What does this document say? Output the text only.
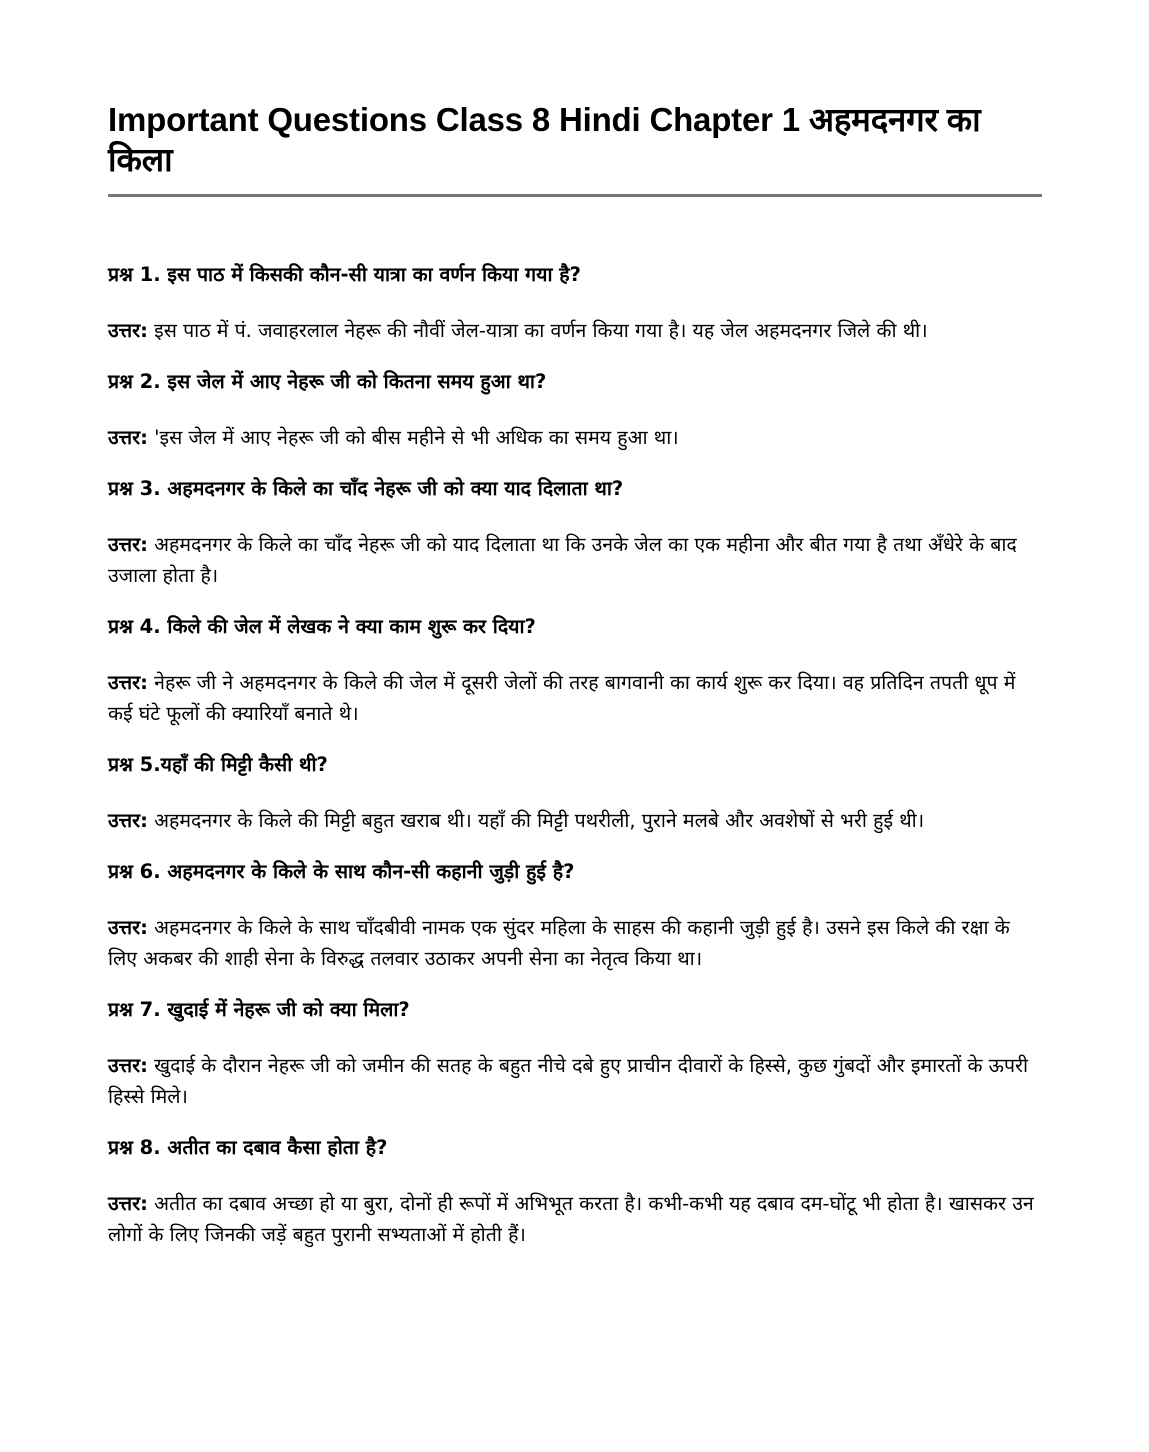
Important Questions Class 8 Hindi Chapter 1 अहमदनगर का किला

प्रश्न 1. इस पाठ में किसकी कौन-सी यात्रा का वर्णन किया गया है?

उत्तर: इस पाठ में पं. जवाहरलाल नेहरू की नौवीं जेल-यात्रा का वर्णन किया गया है। यह जेल अहमदनगर जिले की थी।

प्रश्न 2. इस जेल में आए नेहरू जी को कितना समय हुआ था?

उत्तर: 'इस जेल में आए नेहरू जी को बीस महीने से भी अधिक का समय हुआ था।

प्रश्न 3. अहमदनगर के किले का चाँद नेहरू जी को क्या याद दिलाता था?

उत्तर: अहमदनगर के किले का चाँद नेहरू जी को याद दिलाता था कि उनके जेल का एक महीना और बीत गया है तथा अँधेरे के बाद उजाला होता है।

प्रश्न 4. किले की जेल में लेखक ने क्या काम शुरू कर दिया?

उत्तर: नेहरू जी ने अहमदनगर के किले की जेल में दूसरी जेलों की तरह बागवानी का कार्य शुरू कर दिया। वह प्रतिदिन तपती धूप में कई घंटे फूलों की क्यारियाँ बनाते थे।

प्रश्न 5.यहाँ की मिट्टी कैसी थी?

उत्तर: अहमदनगर के किले की मिट्टी बहुत खराब थी। यहाँ की मिट्टी पथरीली, पुराने मलबे और अवशेषों से भरी हुई थी।

प्रश्न 6. अहमदनगर के किले के साथ कौन-सी कहानी जुड़ी हुई है?

उत्तर: अहमदनगर के किले के साथ चाँदबीवी नामक एक सुंदर महिला के साहस की कहानी जुड़ी हुई है। उसने इस किले की रक्षा के लिए अकबर की शाही सेना के विरुद्ध तलवार उठाकर अपनी सेना का नेतृत्व किया था।

प्रश्न 7. खुदाई में नेहरू जी को क्या मिला?

उत्तर: खुदाई के दौरान नेहरू जी को जमीन की सतह के बहुत नीचे दबे हुए प्राचीन दीवारों के हिस्से, कुछ गुंबदों और इमारतों के ऊपरी हिस्से मिले।

प्रश्न 8. अतीत का दबाव कैसा होता है?

उत्तर: अतीत का दबाव अच्छा हो या बुरा, दोनों ही रूपों में अभिभूत करता है। कभी-कभी यह दबाव दम-घोंटू भी होता है। खासकर उन लोगों के लिए जिनकी जड़ें बहुत पुरानी सभ्यताओं में होती हैं।
